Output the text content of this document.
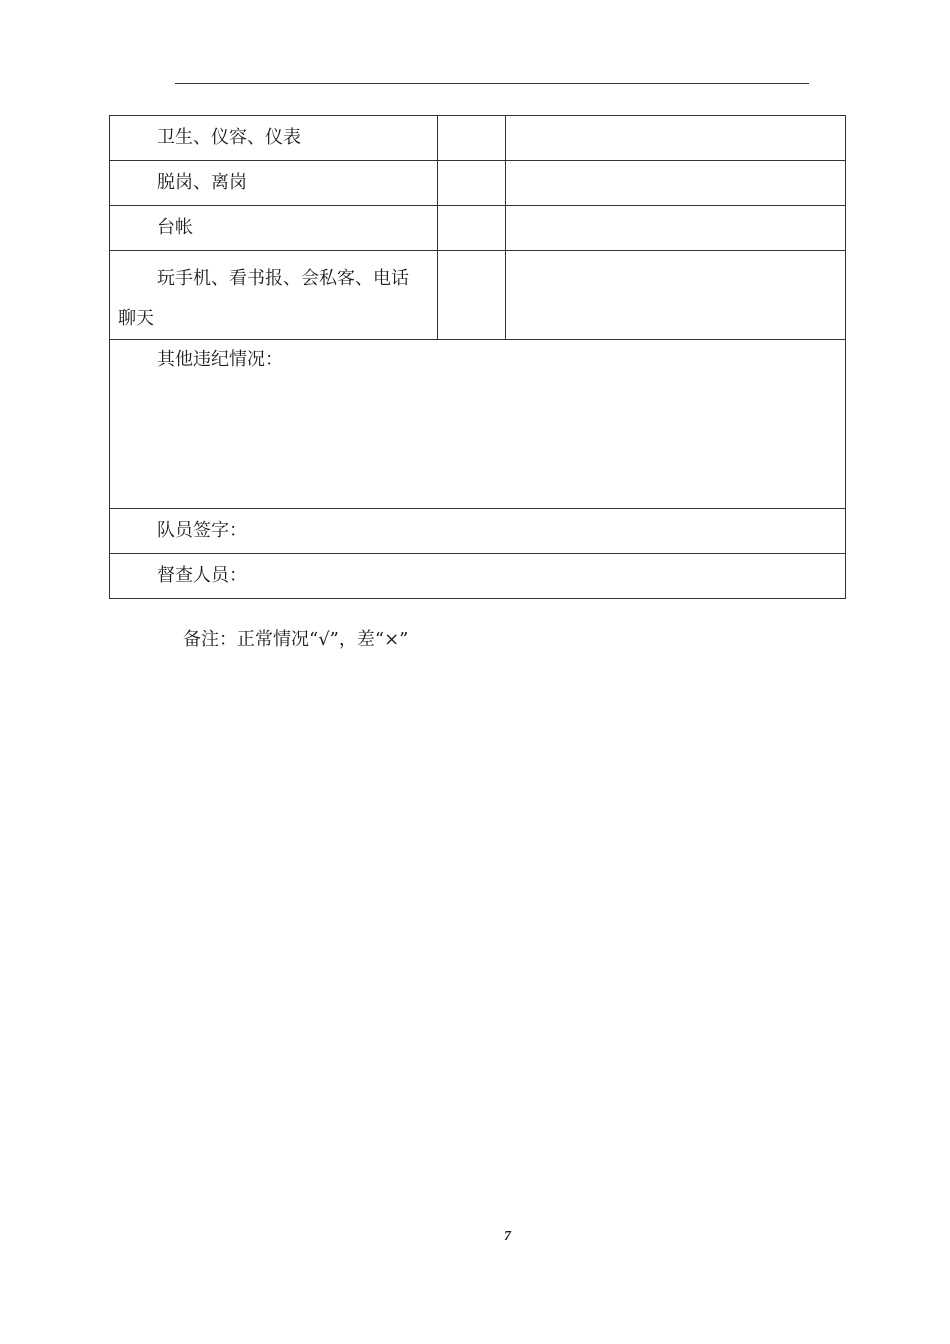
卫生、仪容、仪表		

脱岗、离岗		

台帐		

玩手机、看书报、会私客、电话聊天		

其他违纪情况：		

队员签字：		

督查人员：		
备注：正常情况“√”，差“×”
7
